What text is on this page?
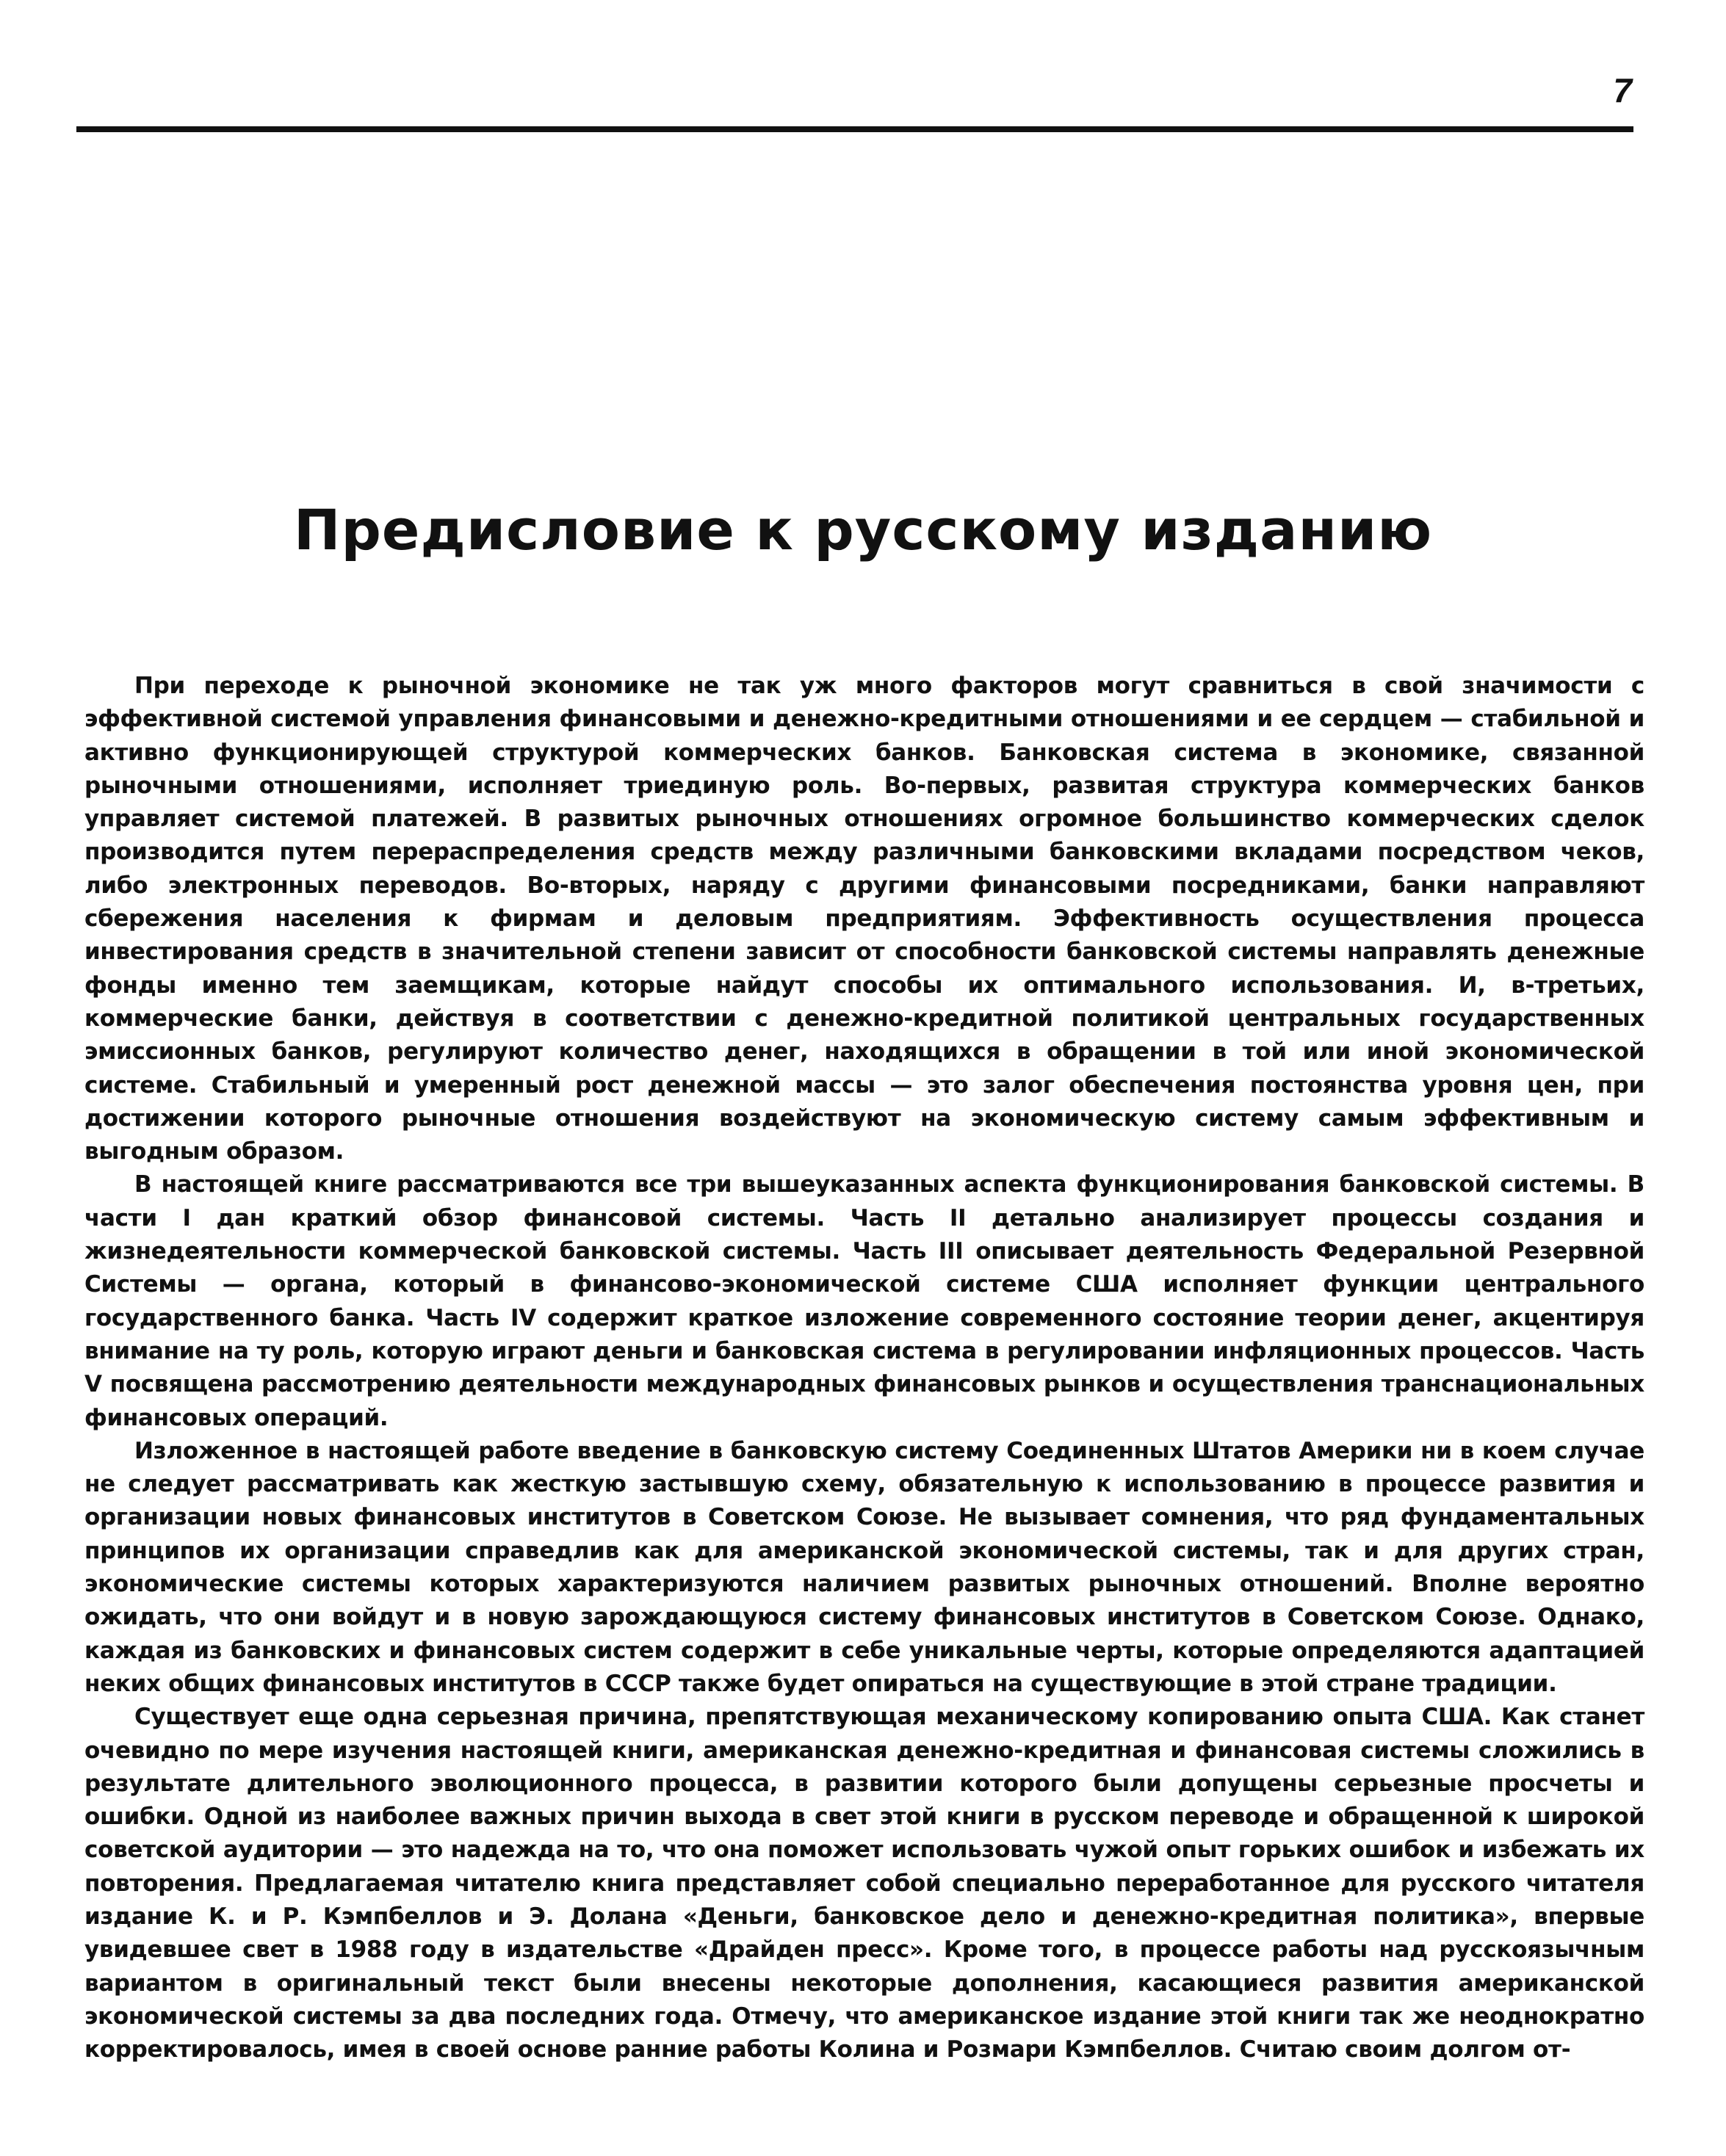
7
Предисловие к русскому изданию

При переходе к рыночной экономике не так уж много факторов могут сравниться в свой значимости с эффективной системой управления финансовыми и денежно-кредитными отношениями и ее сердцем — стабильной и активно функционирующей структурой коммерческих банков. Банковская система в экономике, связанной рыночными отношениями, исполняет триединую роль. Во-первых, развитая структура коммерческих банков управляет системой платежей. В развитых рыночных отношениях огромное большинство коммерческих сделок производится путем перераспределения средств между различными банковскими вкладами посредством чеков, либо электронных переводов. Во-вторых, наряду с другими финансовыми посредниками, банки направляют сбережения населения к фирмам и деловым предприятиям. Эффективность осуществления процесса инвестирования средств в значительной степени зависит от способности банковской системы направлять денежные фонды именно тем заемщикам, которые найдут способы их оптимального использования. И, в-третьих, коммерческие банки, действуя в соответствии с денежно-кредитной политикой центральных государственных эмиссионных банков, регулируют количество денег, находящихся в обращении в той или иной экономической системе. Стабильный и умеренный рост денежной массы — это залог обеспечения постоянства уровня цен, при достижении которого рыночные отношения воздействуют на экономическую систему самым эффективным и выгодным образом.

В настоящей книге рассматриваются все три вышеуказанных аспекта функционирования банковской системы. В части I дан краткий обзор финансовой системы. Часть II детально анализирует процессы создания и жизнедеятельности коммерческой банковской системы. Часть III описывает деятельность Федеральной Резервной Системы — органа, который в финансово-экономической системе США исполняет функции центрального государственного банка. Часть IV содержит краткое изложение современного состояние теории денег, акцентируя внимание на ту роль, которую играют деньги и банковская система в регулировании инфляционных процессов. Часть V посвящена рассмотрению деятельности международных финансовых рынков и осуществления транснациональных финансовых операций.

Изложенное в настоящей работе введение в банковскую систему Соединенных Штатов Америки ни в коем случае не следует рассматривать как жесткую застывшую схему, обязательную к использованию в процессе развития и организации новых финансовых институтов в Советском Союзе. Не вызывает сомнения, что ряд фундаментальных принципов их организации справедлив как для американской экономической системы, так и для других стран, экономические системы которых характеризуются наличием развитых рыночных отношений. Вполне вероятно ожидать, что они войдут и в новую зарождающуюся систему финансовых институтов в Советском Союзе. Однако, каждая из банковских и финансовых систем содержит в себе уникальные черты, которые определяются адаптацией неких общих финансовых институтов в СССР также будет опираться на существующие в этой стране традиции.

Существует еще одна серьезная причина, препятствующая механическому копированию опыта США. Как станет очевидно по мере изучения настоящей книги, американская денежно-кредитная и финансовая системы сложились в результате длительного эволюционного процесса, в развитии которого были допущены серьезные просчеты и ошибки. Одной из наиболее важных причин выхода в свет этой книги в русском переводе и обращенной к широкой советской аудитории — это надежда на то, что она поможет использовать чужой опыт горьких ошибок и избежать их повторения. Предлагаемая читателю книга представляет собой специально переработанное для русского читателя издание К. и Р. Кэмпбеллов и Э. Долана «Деньги, банковское дело и денежно-кредитная политика», впервые увидевшее свет в 1988 году в издательстве «Драйден пресс». Кроме того, в процессе работы над русскоязычным вариантом в оригинальный текст были внесены некоторые дополнения, касающиеся развития американской экономической системы за два последних года. Отмечу, что американское издание этой книги так же неоднократно корректировалось, имея в своей основе ранние работы Колина и Розмари Кэмпбеллов. Считаю своим долгом от-
